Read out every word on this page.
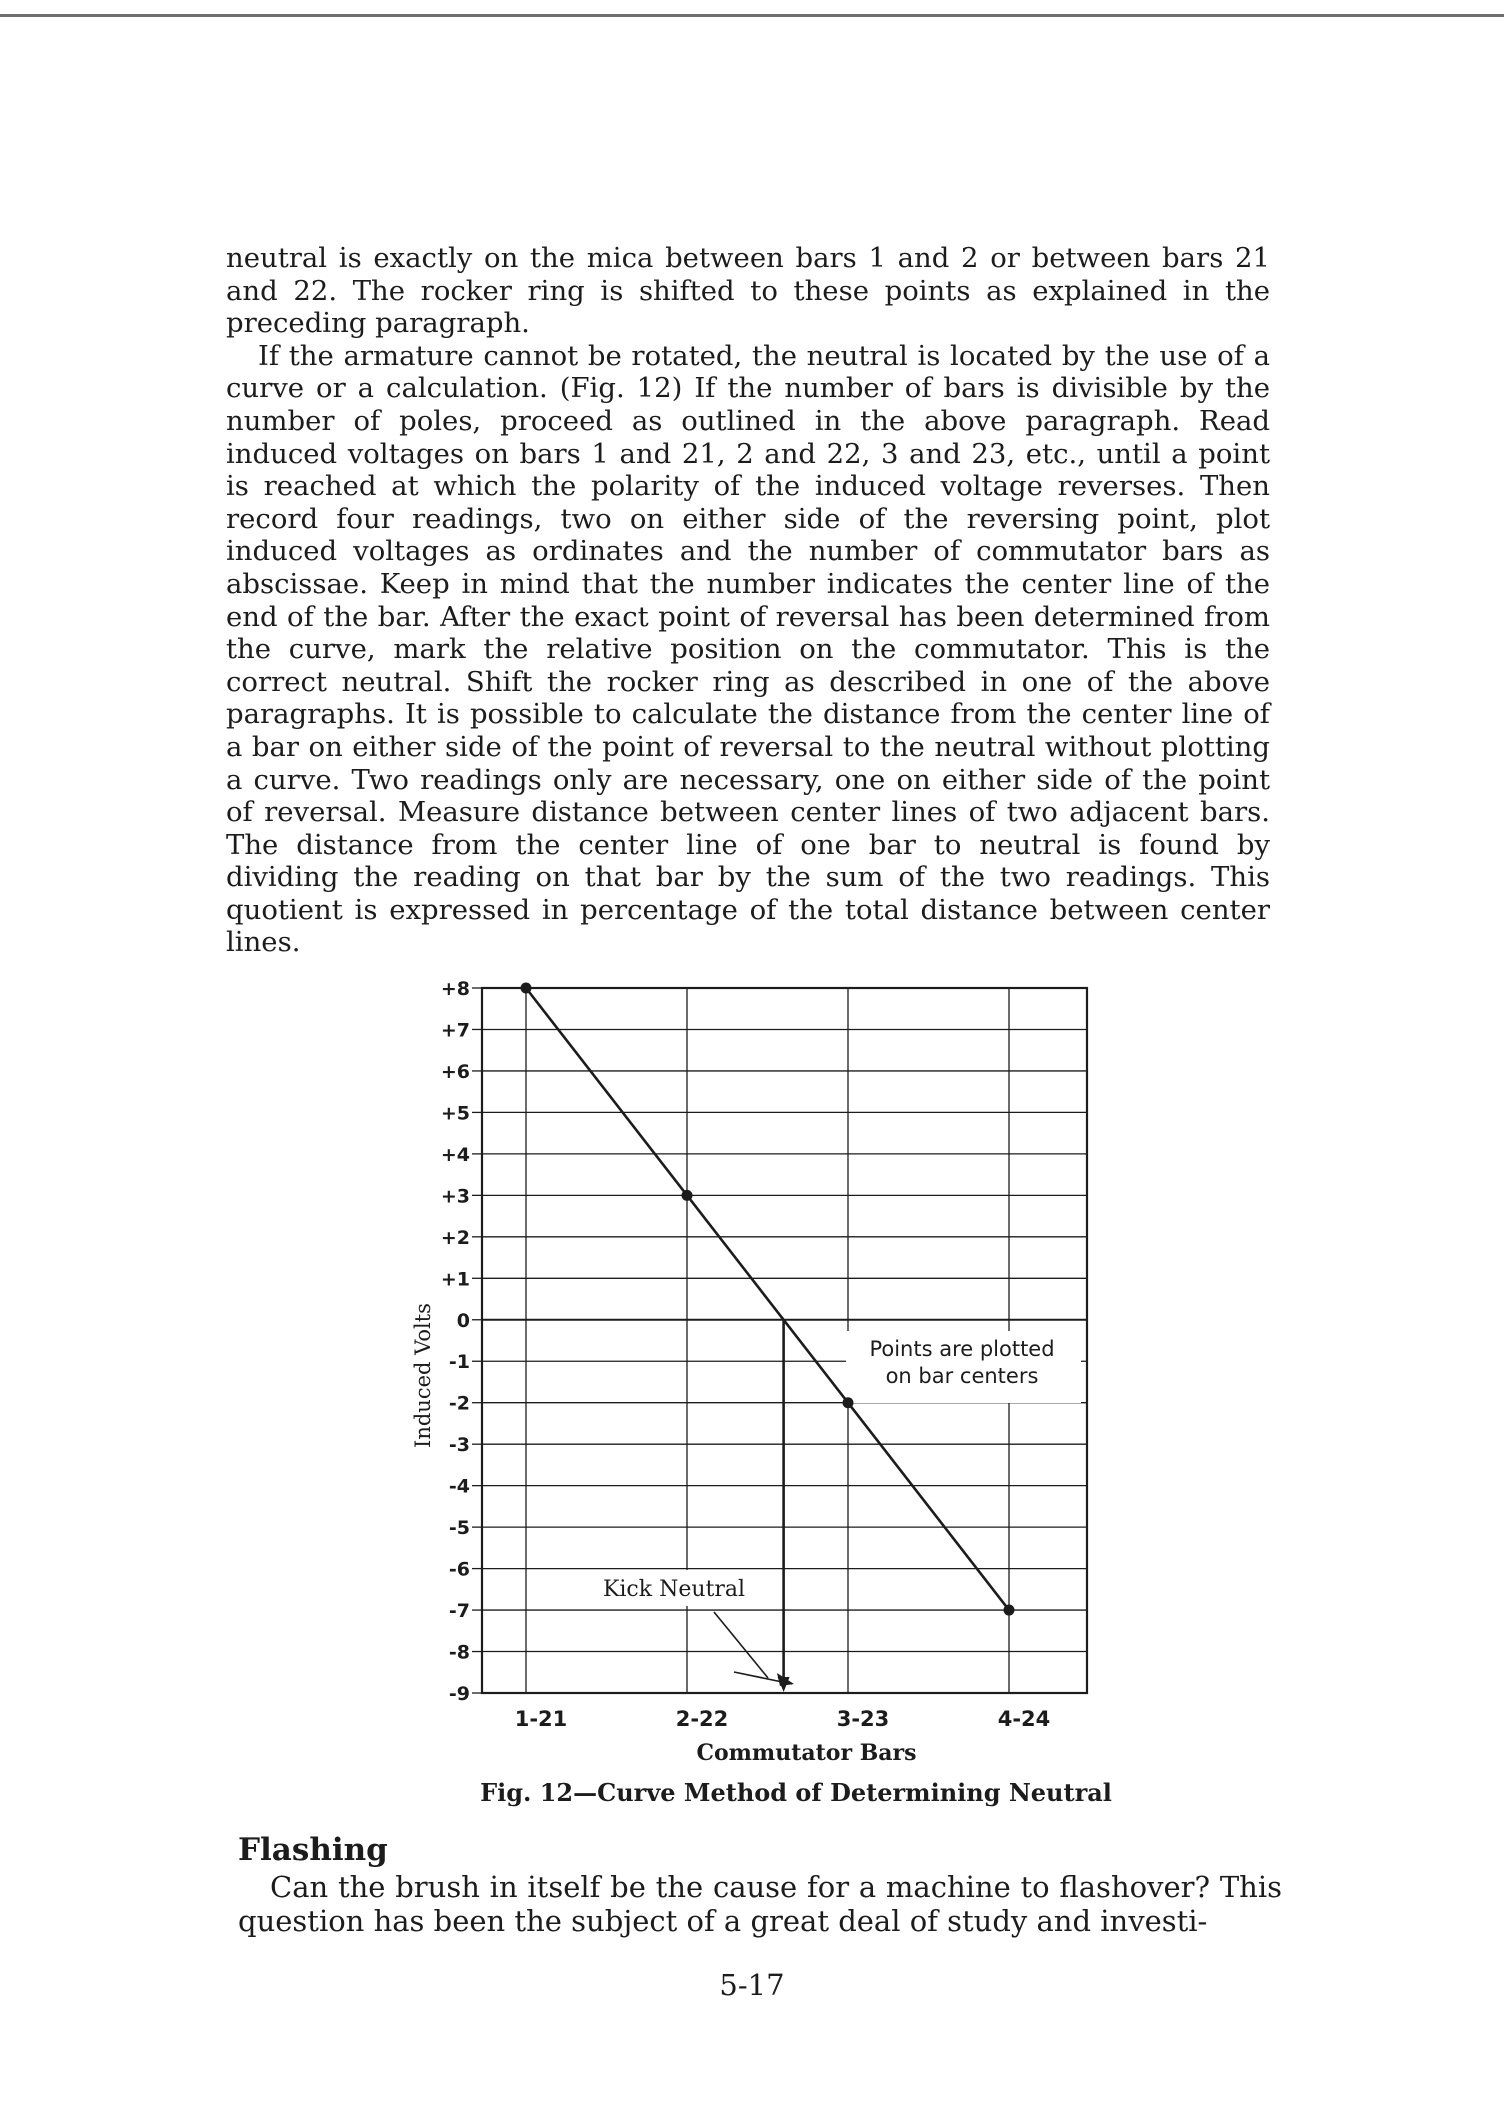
neutral is exactly on the mica between bars 1 and 2 or between bars 21 and 22. The rocker ring is shifted to these points as explained in the preceding paragraph.

If the armature cannot be rotated, the neutral is located by the use of a curve or a calculation. (Fig. 12) If the number of bars is divisible by the number of poles, proceed as outlined in the above paragraph. Read induced voltages on bars 1 and 21, 2 and 22, 3 and 23, etc., until a point is reached at which the polarity of the induced voltage reverses. Then record four readings, two on either side of the reversing point, plot induced voltages as ordinates and the number of commutator bars as abscissae. Keep in mind that the number indicates the center line of the end of the bar. After the exact point of reversal has been determined from the curve, mark the relative position on the commutator. This is the correct neutral. Shift the rocker ring as described in one of the above paragraphs. It is possible to calculate the distance from the center line of a bar on either side of the point of reversal to the neutral without plotting a curve. Two readings only are necessary, one on either side of the point of reversal. Measure distance between center lines of two adjacent bars. The distance from the center line of one bar to neutral is found by dividing the reading on that bar by the sum of the two readings. This quotient is expressed in percentage of the total distance between center lines.

+8
+7
+6
+5
+4
+3
+2
+1
0
-1
-2
-3
-4
-5
-6
-7
-8
-9
1-21	2-22	3-23	4-24
Induced Volts
Commutator Bars
Points are plotted
on bar centers
Kick Neutral
Fig. 12—Curve Method of Determining Neutral
Flashing

Can the brush in itself be the cause for a machine to flashover? This question has been the subject of a great deal of study and investi-

5-17
